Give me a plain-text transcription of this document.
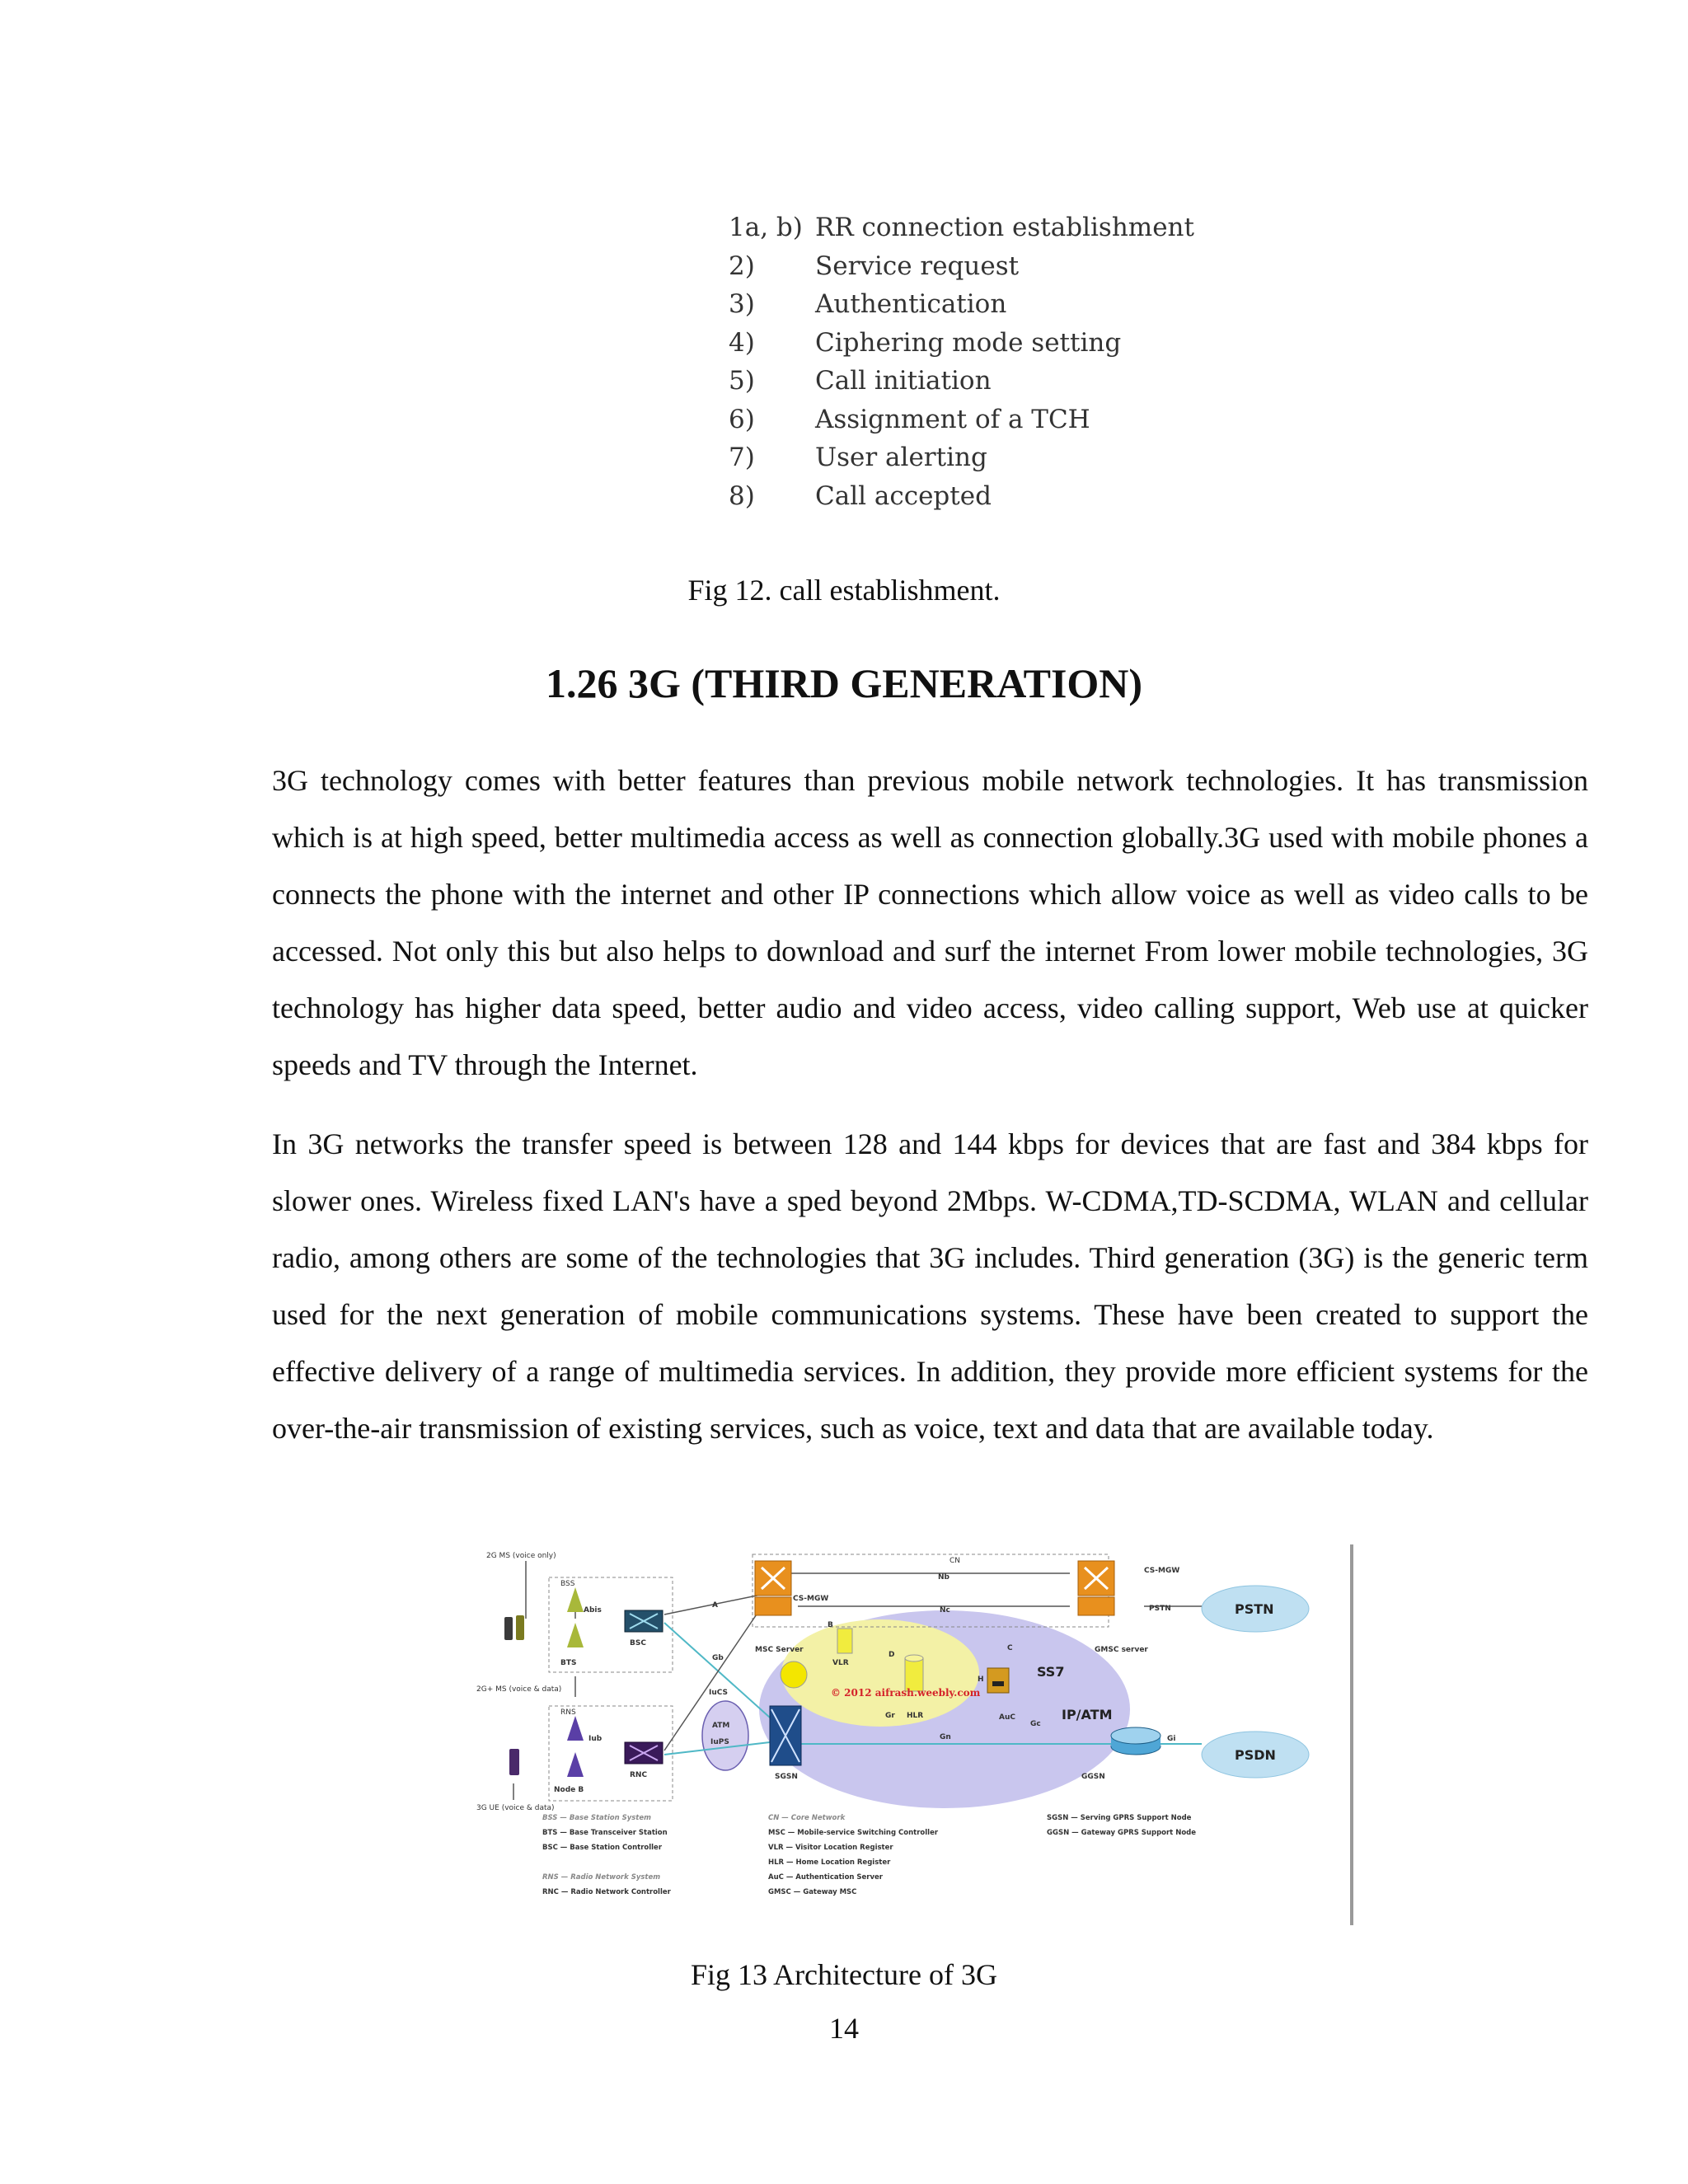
1a, b) RR connection establishment
2)	Service request
3)	Authentication
4)	Ciphering mode setting
5)	Call initiation
6)	Assignment of a TCH
7)	User alerting
8)	Call accepted
Fig 12. call establishment.
1.26 3G (THIRD GENERATION)

3G technology comes with better features than previous mobile network technologies. It has transmission which is at high speed, better multimedia access as well as connection globally.3G used with mobile phones a connects the phone with the internet and other IP connections which allow voice as well as video calls to be accessed. Not only this but also helps to download and surf the internet From lower mobile technologies, 3G technology has higher data speed, better audio and video access, video calling support, Web use at quicker speeds and TV through the Internet.

In 3G networks the transfer speed is between 128 and 144 kbps for devices that are fast and 384 kbps for slower ones. Wireless fixed LAN's have a sped beyond 2Mbps. W-CDMA,TD-SCDMA, WLAN and cellular radio, among others are some of the technologies that 3G includes. Third generation (3G) is the generic term used for the next generation of mobile communications systems. These have been created to support the effective delivery of a range of multimedia services. In addition, they provide more efficient systems for the over-the-air transmission of existing services, such as voice, text and data that are available today.

2G MS (voice only)
2G+ MS (voice & data)
3G UE (voice & data)
BSS
Abis
BTS
BSC
RNS
Iub
Node B
RNC
A
Gb
IuCS
ATM
IuPS
CN
Nb
Nc
CS-MGW
CS-MGW
MSC Server	GMSC server
VLR
B
D
C
H
Gr HLR	AuC
Gc
Gn	Gi
SGSN	GGSN
PSTN
SS7
IP/ATM
PSTN
PSDN
© 2012 aifrash.weebly.com
BSS — Base Station System
BTS — Base Transceiver Station
BSC — Base Station Controller
RNS — Radio Network System
RNC — Radio Network Controller
CN — Core Network
MSC — Mobile-service Switching Controller
VLR — Visitor Location Register
HLR — Home Location Register
AuC — Authentication Server
GMSC — Gateway MSC
SGSN — Serving GPRS Support Node
GGSN — Gateway GPRS Support Node
Fig 13 Architecture of 3G
14
